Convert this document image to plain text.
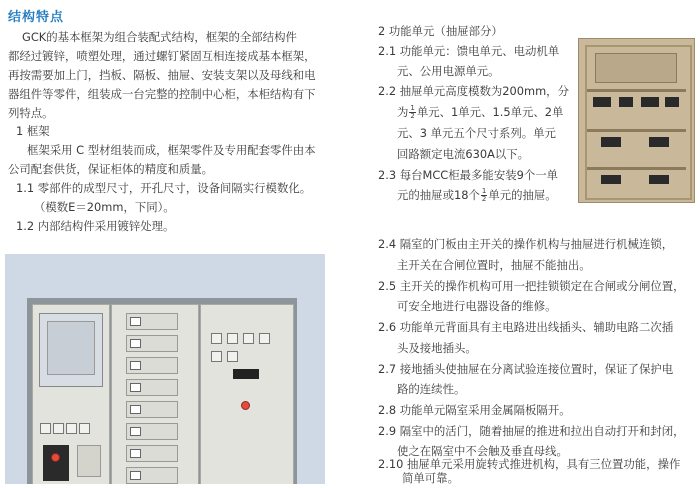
结构特点
GCK的基本框架为组合装配式结构，框架的全部结构件
都经过镀锌，喷塑处理，通过螺钉紧固互相连接成基本框架，
再按需要加上门，挡板、隔板、抽屉、安装支架以及母线和电
器组件等零件，组装成一台完整的控制中心柜，本柜结构有下
列特点。
1 框架
框架采用 C 型材组装而成，框架零件及专用配套零件由本
公司配套供货，保证柜体的精度和质量。
1.1 零部件的成型尺寸，开孔尺寸，设备间隔实行模数化。
（模数E＝20mm，下同）。
1.2 内部结构件采用镀锌处理。
2 功能单元（抽屉部分）
2.1 功能单元：馈电单元、电动机单
元、公用电源单元。
2.2 抽屉单元高度模数为200mm，分
为 $\frac{1}{2}$ 单元、1单元、1.5单元、2单
元、3 单元五个尺寸系列。单元
回路额定电流630A以下。
2.3 每台MCC柜最多能安装9个一单
元的抽屉或18个 $\frac{1}{2}$ 单元的抽屉。
2.4 隔室的门板由主开关的操作机构与抽屉进行机械连锁，
主开关在合闸位置时，抽屉不能抽出。
2.5 主开关的操作机构可用一把挂锁锁定在合闸或分闸位置，
可安全地进行电器设备的维修。
2.6 功能单元背面具有主电路进出线插头、辅助电路二次插
头及接地插头。
2.7 接地插头使抽屉在分离试验连接位置时，保证了保护电
路的连续性。
2.8 功能单元隔室采用金属隔板隔开。
2.9 隔室中的活门，随着抽屉的推进和拉出自动打开和封闭，
使之在隔室中不会触及垂直母线。
2.10 抽屉单元采用旋转式推进机构，具有三位置功能，操作
简单可靠。
